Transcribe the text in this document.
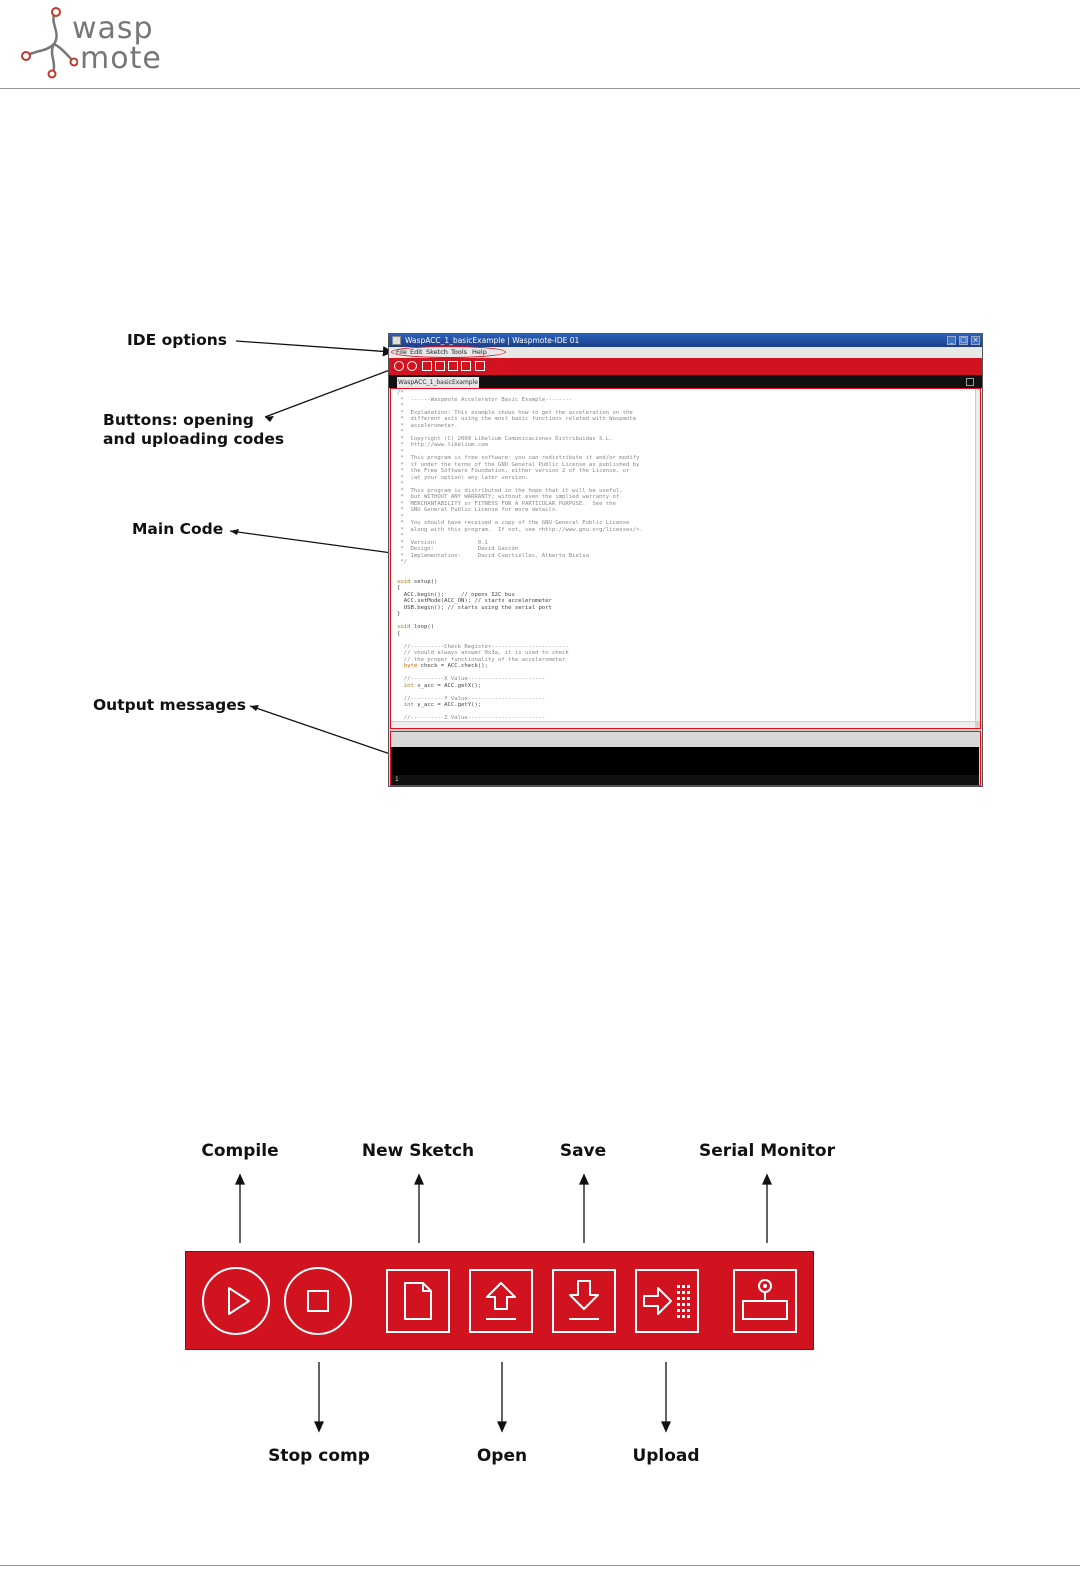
wasp
mote
IDE options
Buttons: opening
and uploading codes
Main Code
Output messages
WaspACC_1_basicExample | Waspmote-IDE 01	_ □ ×
File Edit Sketch Tools Help
WaspACC_1_basicExample
/*
*  ------Waspmote Accelerator Basic Example--------
*
*  Explanation: This example shows how to get the acceleration on the
*  different axis using the most basic functions related with Waspmote
*  accelerometer.
*
*  Copyright (C) 2009 Libelium Comunicaciones Distribuidas S.L.
*  http://www.libelium.com
*
*  This program is free software: you can redistribute it and/or modify
*  it under the terms of the GNU General Public License as published by
*  the Free Software Foundation, either version 2 of the License, or
*  (at your option) any later version.
*
*  This program is distributed in the hope that it will be useful,
*  but WITHOUT ANY WARRANTY; without even the implied warranty of
*  MERCHANTABILITY or FITNESS FOR A PARTICULAR PURPOSE.  See the
*  GNU General Public License for more details.
*
*  You should have received a copy of the GNU General Public License
*  along with this program.  If not, see <http://www.gnu.org/licenses/>.
*
*  Version:            0.1
*  Design:             David Gascón
*  Implementation:     David Cuartielles, Alberto Bielsa
*/

void setup()
{
ACC.begin();     // opens I2C bus
ACC.setMode(ACC_ON); // starts accelerometer
USB.begin(); // starts using the serial port
}

void loop()
{

//----------Check Register-----------------------
// should always answer 0x3a, it is used to check
// the proper functionality of the accelerometer
byte check = ACC.check();

//----------X Value-----------------------
int x_acc = ACC.getX();

//----------Y Value-----------------------
int y_acc = ACC.getY();

//----------Z Value-----------------------
1
Compile	New Sketch	Save	Serial Monitor
Stop comp	Open	Upload
